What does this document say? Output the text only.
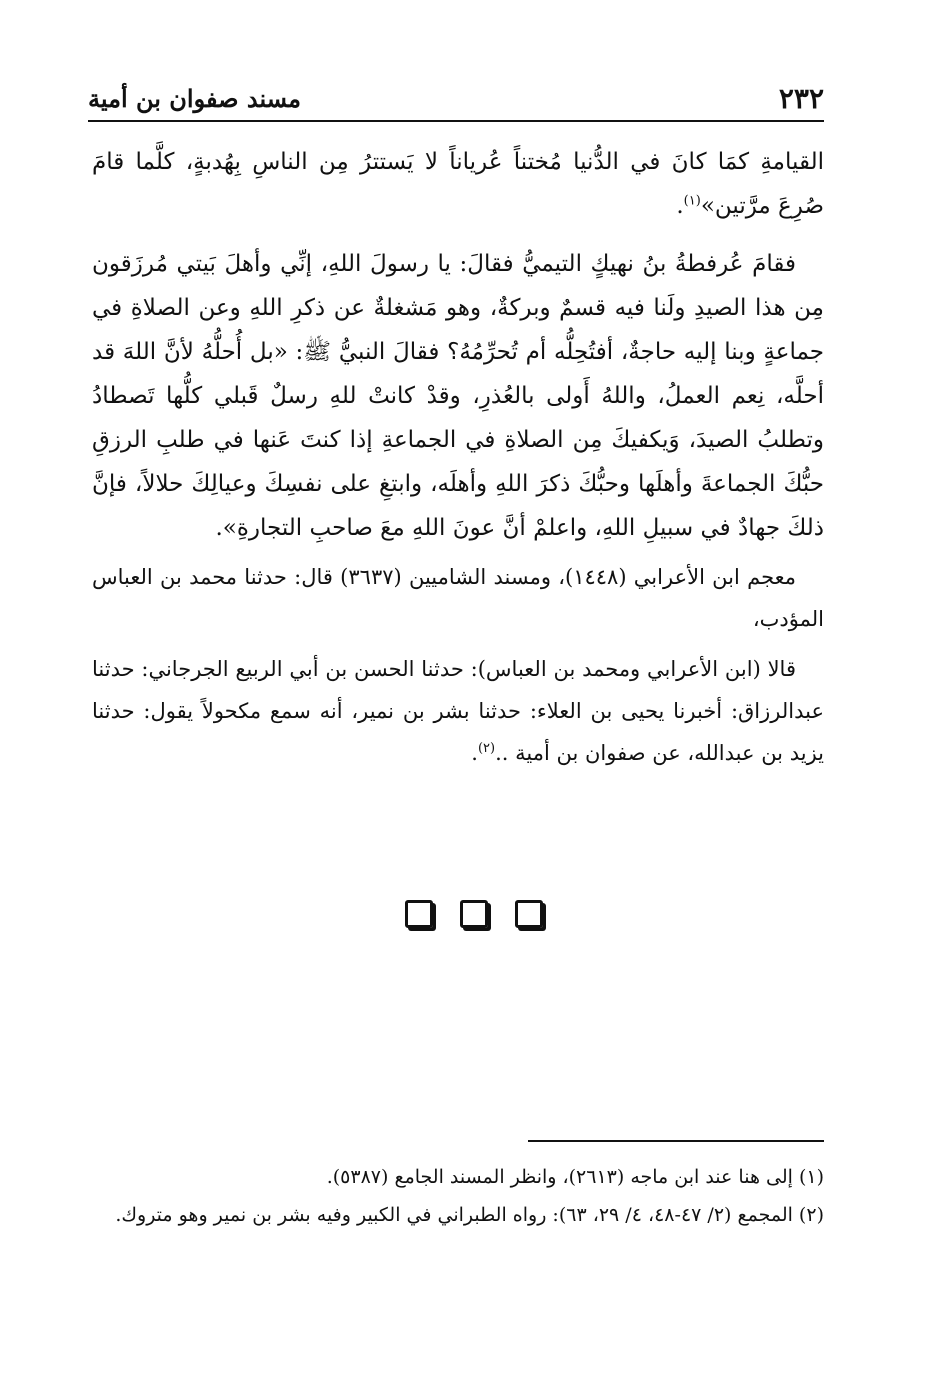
٢٣٢
مسند صفوان بن أمية

القيامةِ كمَا كانَ في الدُّنيا مُختناً عُرياناً لا يَستترُ مِن الناسِ بِهُدبةٍ، كلَّما قامَ صُرِعَ مرَّتين»$^{(١)}$.

فقامَ عُرفطةُ بنُ نهيكٍ التيميُّ فقالَ: يا رسولَ اللهِ، إنِّي وأهلَ بَيتي مُرزَقون مِن هذا الصيدِ ولَنا فيه قسمٌ وبركةٌ، وهو مَشغلةٌ عن ذكرِ اللهِ وعن الصلاةِ في جماعةٍ وبنا إليه حاجةٌ، أفتُحِلُّه أم تُحرِّمُهُ؟ فقالَ النبيُّ ﷺ: «بل أُحلُّهُ لأنَّ اللهَ قد أحلَّه، نِعم العملُ، واللهُ أَولى بالعُذرِ، وقدْ كانتْ للهِ رسلٌ قَبلي كلُّها تَصطادُ وتطلبُ الصيدَ، وَيكفيكَ مِن الصلاةِ في الجماعةِ إذا كنتَ عَنها في طلبِ الرزقِ حبُّكَ الجماعةَ وأهلَها وحبُّكَ ذكرَ اللهِ وأهلَه، وابتغِ على نفسِكَ وعيالِكَ حلالاً، فإنَّ ذلكَ جهادٌ في سبيلِ اللهِ، واعلمْ أنَّ عونَ اللهِ معَ صاحبِ التجارةِ».

معجم ابن الأعرابي (١٤٤٨)، ومسند الشاميين (٣٦٣٧) قال: حدثنا محمد بن العباس المؤدب،

قالا (ابن الأعرابي ومحمد بن العباس): حدثنا الحسن بن أبي الربيع الجرجاني: حدثنا عبدالرزاق: أخبرنا يحيى بن العلاء: حدثنا بشر بن نمير، أنه سمع مكحولاً يقول: حدثنا يزيد بن عبدالله، عن صفوان بن أمية ..$^{(٢)}$.

(١) إلى هنا عند ابن ماجه (٢٦١٣)، وانظر المسند الجامع (٥٣٨٧).

(٢) المجمع (٢/ ٤٧-٤٨، ٤/ ٢٩، ٦٣): رواه الطبراني في الكبير وفيه بشر بن نمير وهو متروك.
